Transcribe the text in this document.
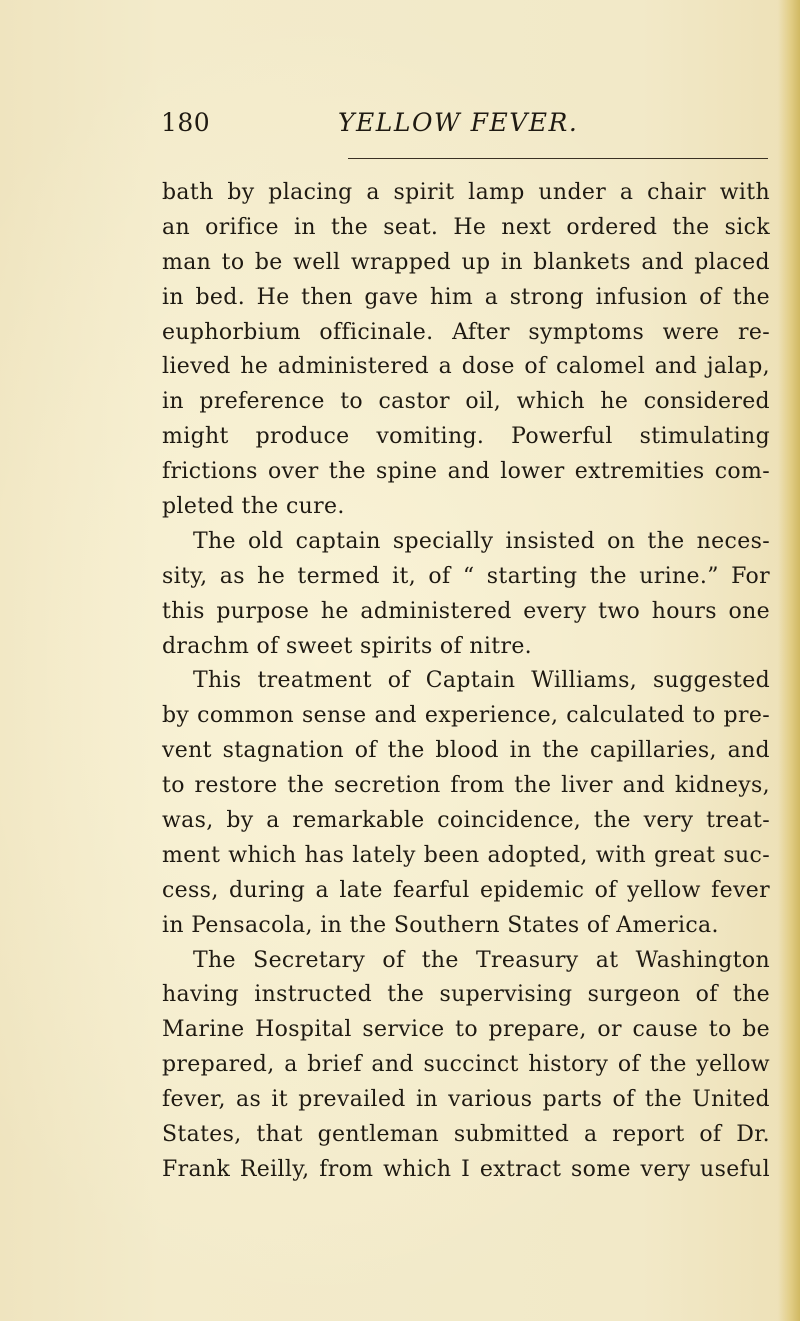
180	YELLOW FEVER.
bath by placing a spirit lamp under a chair with
an orifice in the seat. He next ordered the sick
man to be well wrapped up in blankets and placed
in bed. He then gave him a strong infusion of the
euphorbium officinale. After symptoms were re-
lieved he administered a dose of calomel and jalap,
in preference to castor oil, which he considered
might produce vomiting. Powerful stimulating
frictions over the spine and lower extremities com-
pleted the cure.
The old captain specially insisted on the neces-
sity, as he termed it, of “ starting the urine.” For
this purpose he administered every two hours one
drachm of sweet spirits of nitre.
This treatment of Captain Williams, suggested
by common sense and experience, calculated to pre-
vent stagnation of the blood in the capillaries, and
to restore the secretion from the liver and kidneys,
was, by a remarkable coincidence, the very treat-
ment which has lately been adopted, with great suc-
cess, during a late fearful epidemic of yellow fever
in Pensacola, in the Southern States of America.
The Secretary of the Treasury at Washington
having instructed the supervising surgeon of the
Marine Hospital service to prepare, or cause to be
prepared, a brief and succinct history of the yellow
fever, as it prevailed in various parts of the United
States, that gentleman submitted a report of Dr.
Frank Reilly, from which I extract some very useful
